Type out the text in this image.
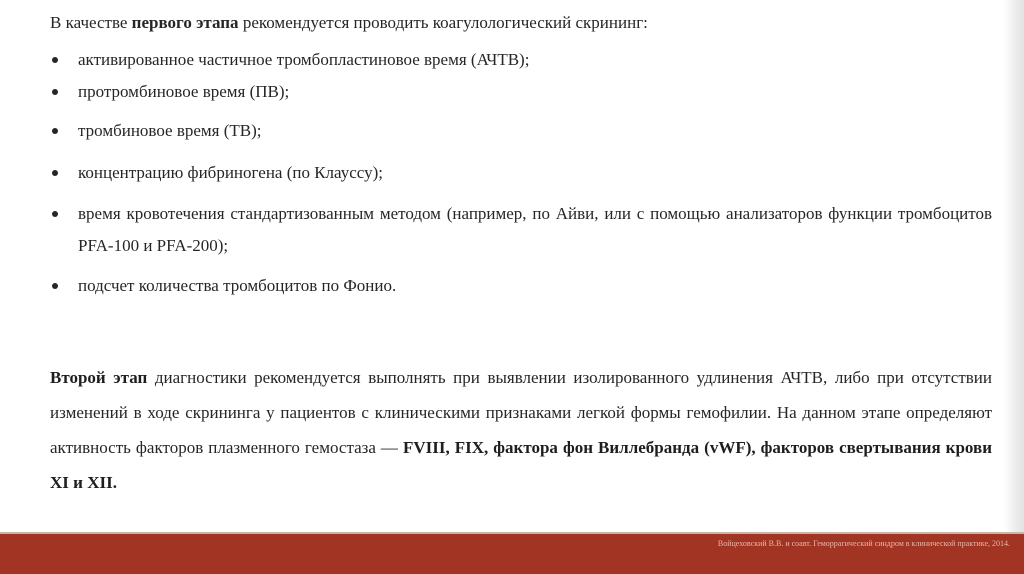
В качестве первого этапа рекомендуется проводить коагулологический скрининг:

активированное частичное тромбопластиновое время (АЧТВ);
протромбиновое время (ПВ);
тромбиновое время (ТВ);
концентрацию фибриногена (по Клауссу);
время кровотечения стандартизованным методом (например, по Айви, или с помощью анализаторов функции тромбоцитов PFA-100 и PFA-200);
подсчет количества тромбоцитов по Фонио.

Второй этап диагностики рекомендуется выполнять при выявлении изолированного удлинения АЧТВ, либо при отсутствии изменений в ходе скрининга у пациентов с клиническими признаками легкой формы гемофилии. На данном этапе определяют активность факторов плазменного гемостаза — FVIII, FIX, фактора фон Виллебранда (vWF), факторов свертывания крови XI и XII.

Войцеховский В.В. и соавт. Геморрагический синдром в клинической практике, 2014.
